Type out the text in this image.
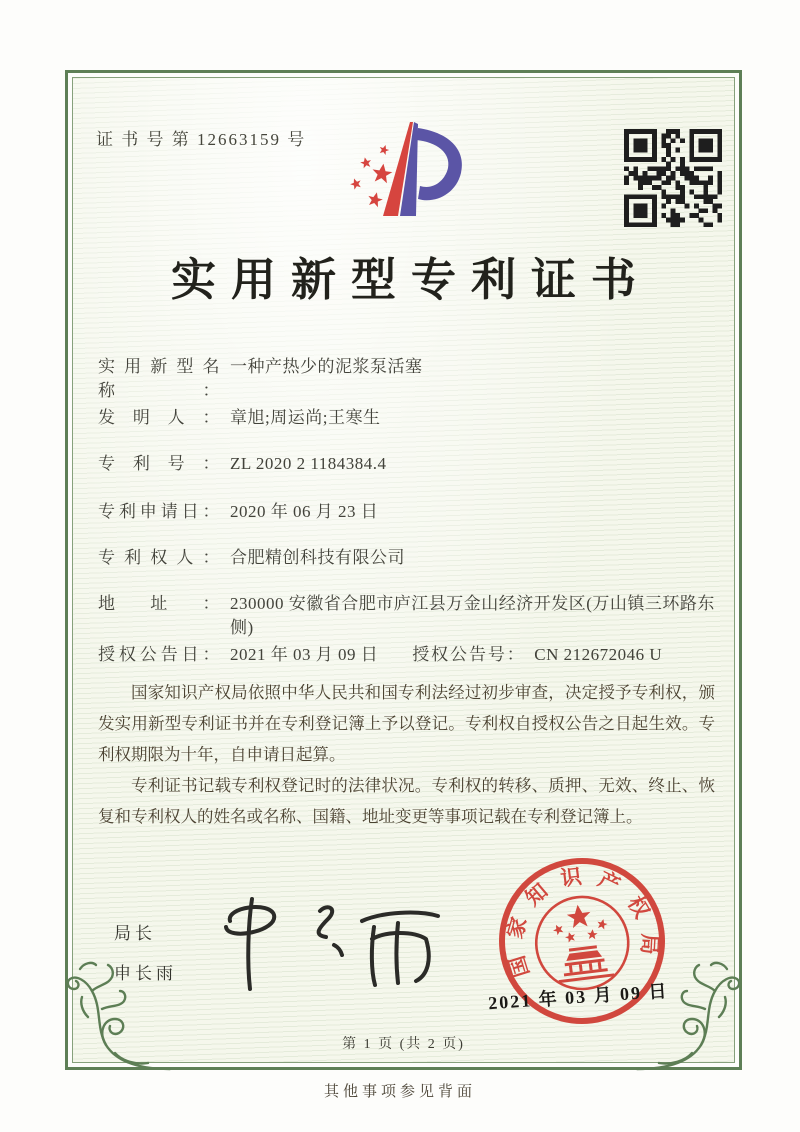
证 书 号 第 12663159 号
实用新型专利证书
实用新型名称：
一种产热少的泥浆泵活塞
发明人： 章旭;周运尚;王寒生
专利号： ZL 2020 2 1184384.4
专利申请日： 2020 年 06 月 23 日
专利权人： 合肥精创科技有限公司
地址： 230000 安徽省合肥市庐江县万金山经济开发区(万山镇三环路东侧)
授权公告日： 2021 年 03 月 09 日 授权公告号： CN 212672046 U

国家知识产权局依照中华人民共和国专利法经过初步审查，决定授予专利权，颁发实用新型专利证书并在专利登记簿上予以登记。专利权自授权公告之日起生效。专利权期限为十年，自申请日起算。

专利证书记载专利权登记时的法律状况。专利权的转移、质押、无效、终止、恢复和专利权人的姓名或名称、国籍、地址变更等事项记载在专利登记簿上。

局长
申长雨	国家知识产权局
2021 年 03 月 09 日
第 1 页 (共 2 页)
其他事项参见背面
